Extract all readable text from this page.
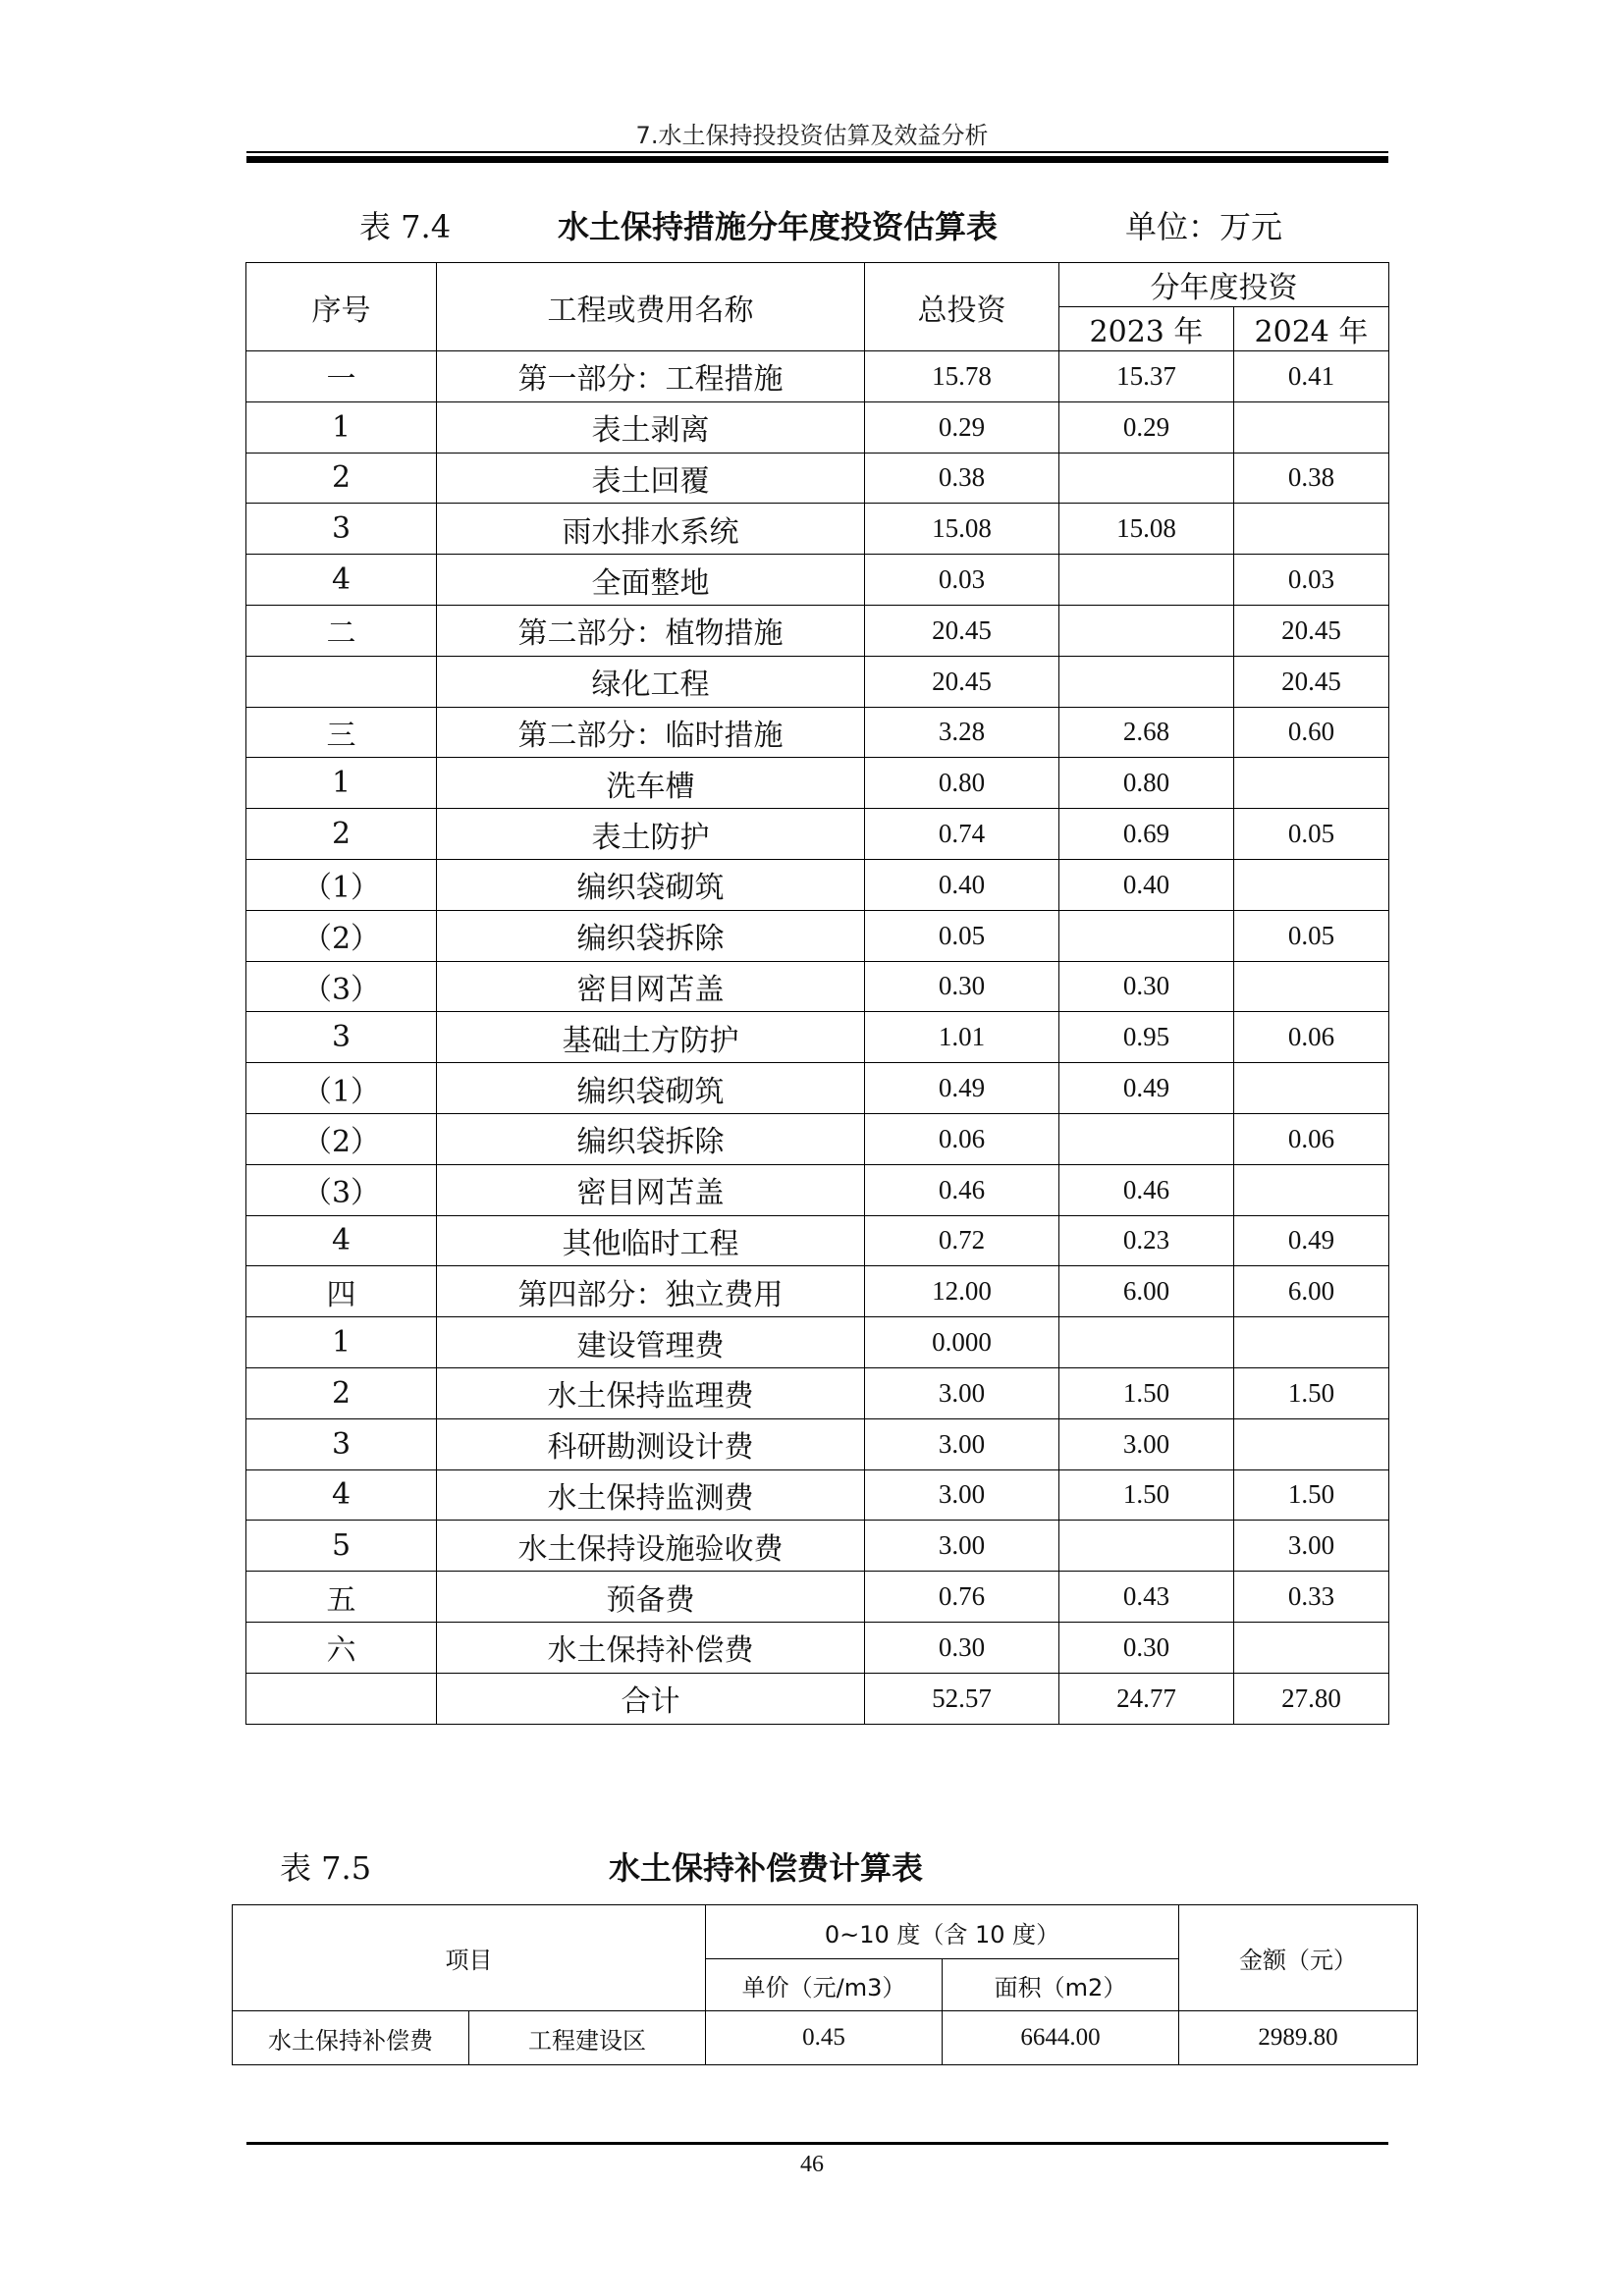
7.水土保持投投资估算及效益分析
表 7.4	水土保持措施分年度投资估算表	单位：万元
序号	工程或费用名称	总投资	分年度投资	
			2023 年	2024 年
一	第一部分：工程措施	15.78	15.37	0.41
1	表土剥离	0.29	0.29	
2	表土回覆	0.38		0.38
3	雨水排水系统	15.08	15.08	
4	全面整地	0.03		0.03
二	第二部分：植物措施	20.45		20.45
	绿化工程	20.45		20.45
三	第二部分：临时措施	3.28	2.68	0.60
1	洗车槽	0.80	0.80	
2	表土防护	0.74	0.69	0.05
（1）	编织袋砌筑	0.40	0.40	
（2）	编织袋拆除	0.05		0.05
（3）	密目网苫盖	0.30	0.30	
3	基础土方防护	1.01	0.95	0.06
（1）	编织袋砌筑	0.49	0.49	
（2）	编织袋拆除	0.06		0.06
（3）	密目网苫盖	0.46	0.46	
4	其他临时工程	0.72	0.23	0.49
四	第四部分：独立费用	12.00	6.00	6.00
1	建设管理费	0.000		
2	水土保持监理费	3.00	1.50	1.50
3	科研勘测设计费	3.00	3.00	
4	水土保持监测费	3.00	1.50	1.50
5	水土保持设施验收费	3.00		3.00
五	预备费	0.76	0.43	0.33
六	水土保持补偿费	0.30	0.30	
	合计	52.57	24.77	27.80
表 7.5	水土保持补偿费计算表
项目		0~10 度（含 10 度）		金额（元）
		单价（元/m3）	面积（m2）	
水土保持补偿费	工程建设区	0.45	6644.00	2989.80
46
